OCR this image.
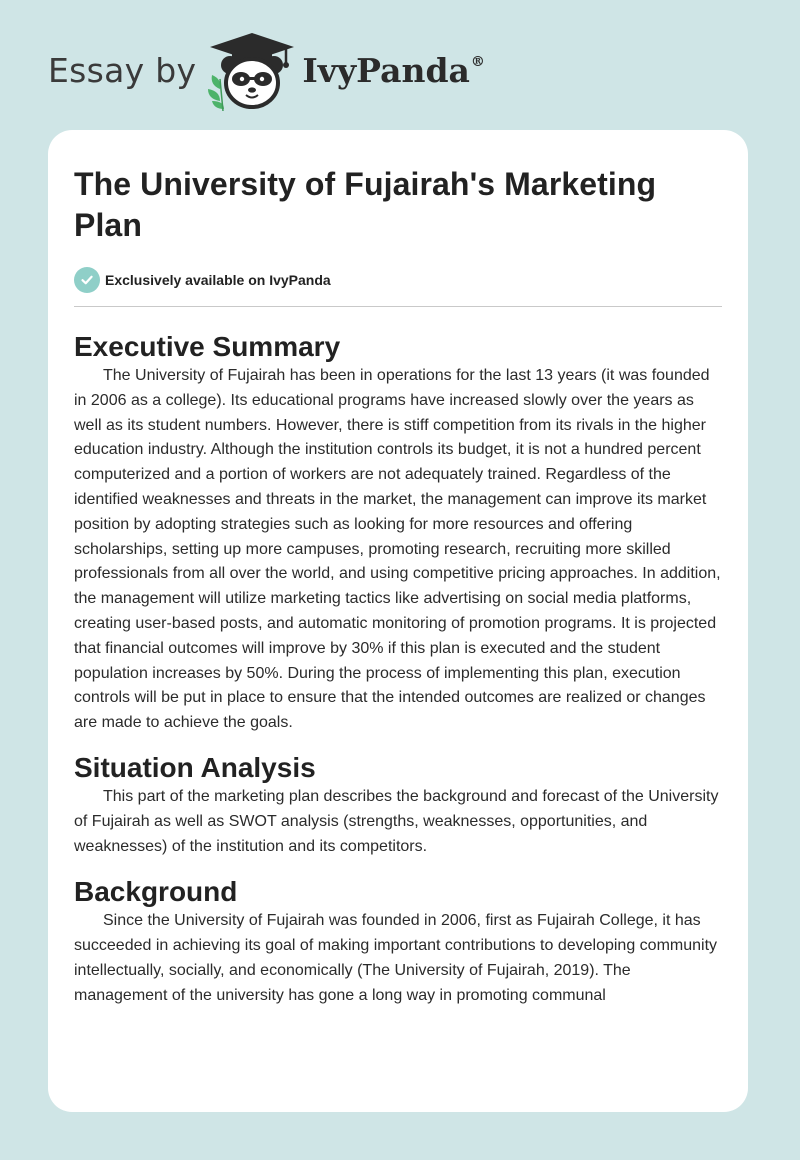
Essay by	IvyPanda®
The University of Fujairah's Marketing Plan
Exclusively available on IvyPanda
Executive Summary

The University of Fujairah has been in operations for the last 13 years (it was founded in 2006 as a college). Its educational programs have increased slowly over the years as well as its student numbers. However, there is stiff competition from its rivals in the higher education industry. Although the institution controls its budget, it is not a hundred percent computerized and a portion of workers are not adequately trained. Regardless of the identified weaknesses and threats in the market, the management can improve its market position by adopting strategies such as looking for more resources and offering scholarships, setting up more campuses, promoting research, recruiting more skilled professionals from all over the world, and using competitive pricing approaches. In addition, the management will utilize marketing tactics like advertising on social media platforms, creating user-based posts, and automatic monitoring of promotion programs. It is projected that financial outcomes will improve by 30% if this plan is executed and the student population increases by 50%. During the process of implementing this plan, execution controls will be put in place to ensure that the intended outcomes are realized or changes are made to achieve the goals.

Situation Analysis

This part of the marketing plan describes the background and forecast of the University of Fujairah as well as SWOT analysis (strengths, weaknesses, opportunities, and weaknesses) of the institution and its competitors.

Background

Since the University of Fujairah was founded in 2006, first as Fujairah College, it has succeeded in achieving its goal of making important contributions to developing community intellectually, socially, and economically (The University of Fujairah, 2019). The management of the university has gone a long way in promoting communal
